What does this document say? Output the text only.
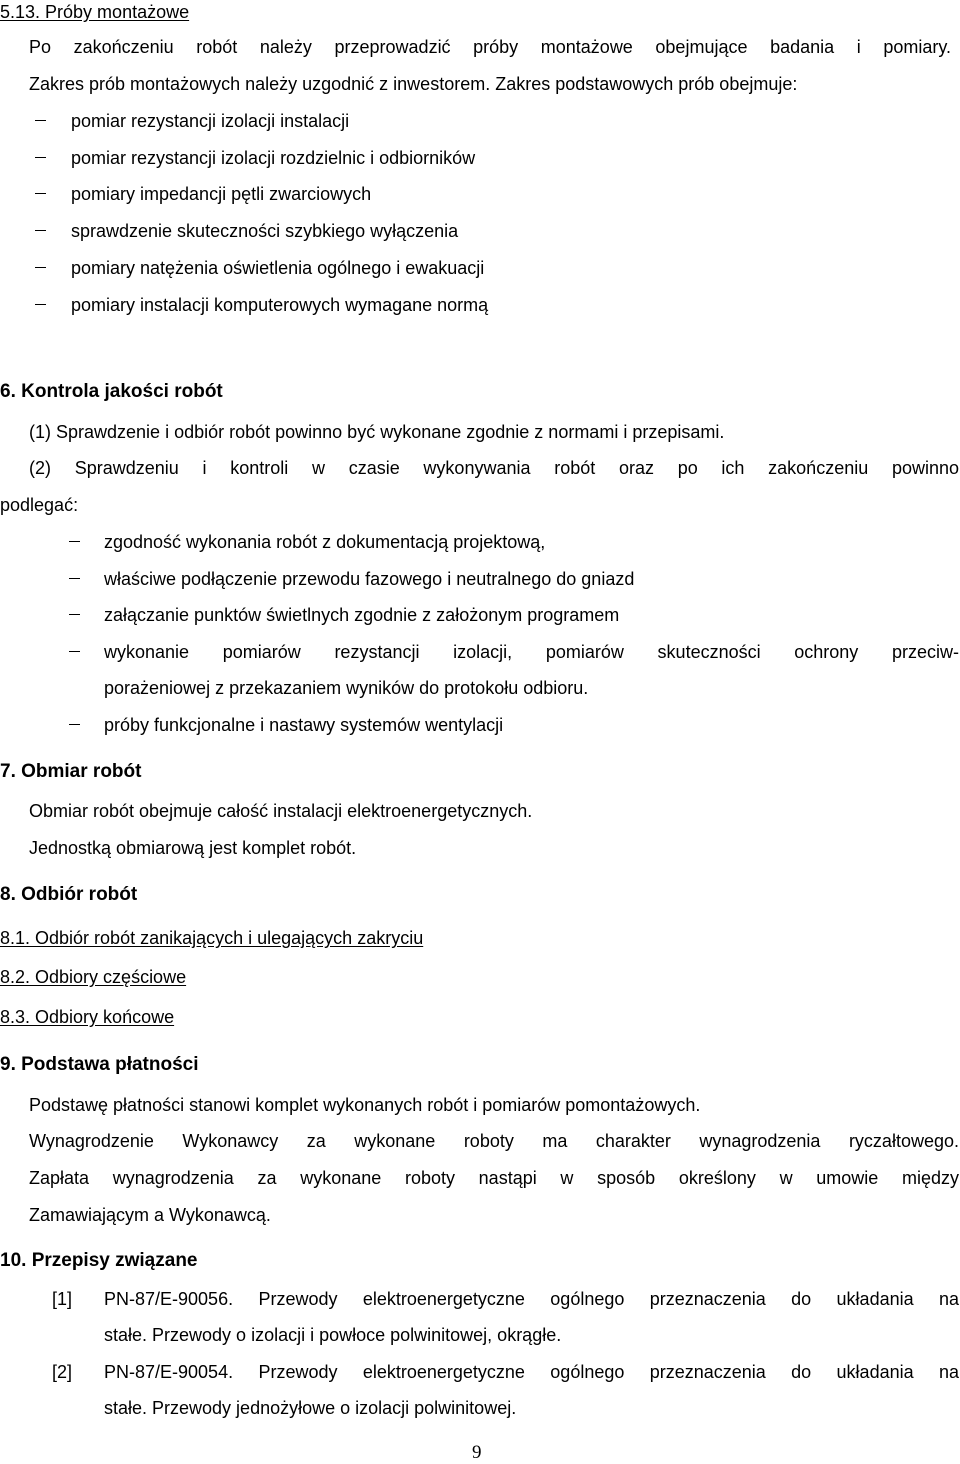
5.13. Próby montażowe
Po zakończeniu robót należy przeprowadzić próby montażowe obejmujące badania i pomiary.
Zakres prób montażowych należy uzgodnić z inwestorem. Zakres podstawowych prób obejmuje:
pomiar rezystancji izolacji instalacji
pomiar rezystancji izolacji rozdzielnic i odbiorników
pomiary impedancji pętli zwarciowych
sprawdzenie skuteczności szybkiego wyłączenia
pomiary natężenia oświetlenia ogólnego i ewakuacji
pomiary instalacji komputerowych wymagane normą
6. Kontrola jakości robót
(1) Sprawdzenie i odbiór robót powinno być wykonane zgodnie z normami i przepisami.
(2) Sprawdzeniu i kontroli w czasie wykonywania robót oraz po ich zakończeniu powinno
podlegać:
zgodność wykonania robót z dokumentacją projektową,
właściwe podłączenie przewodu fazowego i neutralnego do gniazd
załączanie punktów świetlnych zgodnie z założonym programem
wykonanie pomiarów rezystancji izolacji, pomiarów skuteczności ochrony przeciw-
porażeniowej z przekazaniem wyników do protokołu odbioru.
próby funkcjonalne i nastawy systemów wentylacji
7. Obmiar robót
Obmiar robót obejmuje całość instalacji elektroenergetycznych.
Jednostką obmiarową jest komplet robót.
8. Odbiór robót
8.1. Odbiór robót zanikających i ulegających zakryciu
8.2. Odbiory częściowe
8.3. Odbiory końcowe
9. Podstawa płatności
Podstawę płatności stanowi komplet wykonanych robót i pomiarów pomontażowych.
Wynagrodzenie Wykonawcy za wykonane roboty ma charakter wynagrodzenia ryczałtowego.
Zapłata wynagrodzenia za wykonane roboty nastąpi w sposób określony w umowie między
Zamawiającym a Wykonawcą.
10. Przepisy związane
[1] PN-87/E-90056. Przewody elektroenergetyczne ogólnego przeznaczenia do układania na
stałe. Przewody o izolacji i powłoce polwinitowej, okrągłe.
[2] PN-87/E-90054. Przewody elektroenergetyczne ogólnego przeznaczenia do układania na
stałe. Przewody jednożyłowe o izolacji polwinitowej.
9
